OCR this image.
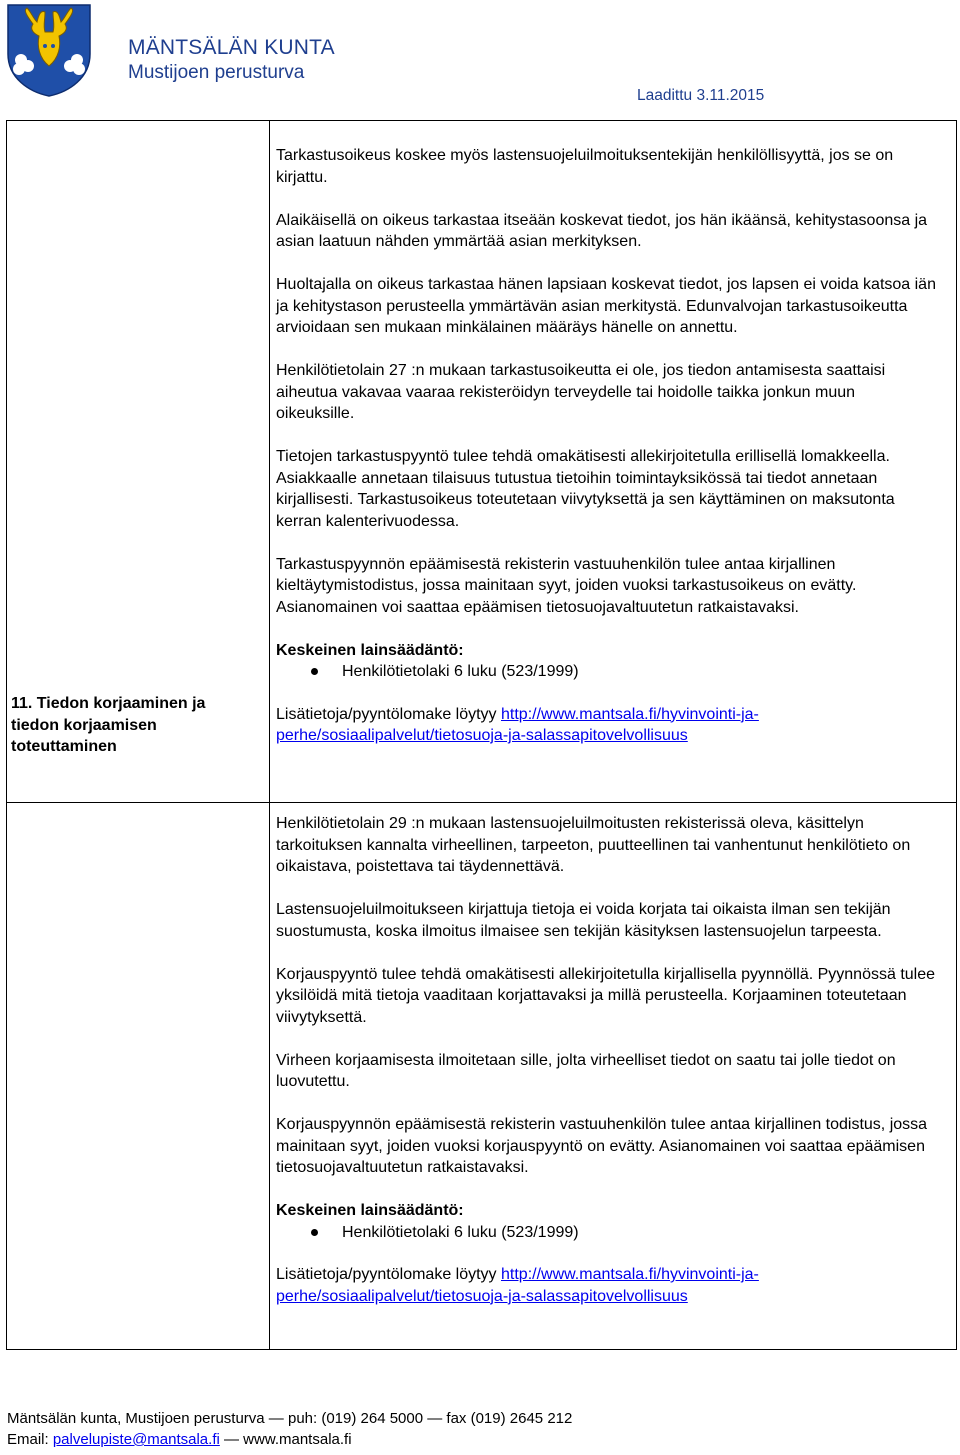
MÄNTSÄLÄN KUNTA
Mustijoen perusturva
Laadittu 3.11.2015

Tarkastusoikeus koskee myös lastensuojeluilmoituksentekijän henkilöllisyyttä, jos se on kirjattu.

Alaikäisellä on oikeus tarkastaa itseään koskevat tiedot, jos hän ikäänsä, kehitystasoonsa ja asian laatuun nähden ymmärtää asian merkityksen.

Huoltajalla on oikeus tarkastaa hänen lapsiaan koskevat tiedot, jos lapsen ei voida katsoa iän ja kehitystason perusteella ymmärtävän asian merkitystä. Edunvalvojan tarkastusoikeutta arvioidaan sen mukaan minkälainen määräys hänelle on annettu.

Henkilötietolain 27 :n mukaan tarkastusoikeutta ei ole, jos tiedon antamisesta saattaisi aiheutua vakavaa vaaraa rekisteröidyn terveydelle tai hoidolle taikka jonkun muun oikeuksille.

Tietojen tarkastuspyyntö tulee tehdä omakätisesti allekirjoitetulla erillisellä lomakkeella. Asiakkaalle annetaan tilaisuus tutustua tietoihin toimintayksikössä tai tiedot annetaan kirjallisesti. Tarkastusoikeus toteutetaan viivytyksettä ja sen käyttäminen on maksutonta kerran kalenterivuodessa.

Tarkastuspyynnön epäämisestä rekisterin vastuuhenkilön tulee antaa kirjallinen kieltäytymistodistus, jossa mainitaan syyt, joiden vuoksi tarkastusoikeus on evätty. Asianomainen voi saattaa epäämisen tietosuojavaltuutetun ratkaistavaksi.

Keskeinen lainsäädäntö:

Henkilötietolaki 6 luku (523/1999)

Lisätietoja/pyyntölomake löytyy http://www.mantsala.fi/hyvinvointi-ja-
perhe/sosiaalipalvelut/tietosuoja-ja-salassapitovelvollisuus

11. Tiedon korjaaminen ja tiedon korjaamisen toteuttaminen

Henkilötietolain 29 :n mukaan lastensuojeluilmoitusten rekisterissä oleva, käsittelyn tarkoituksen kannalta virheellinen, tarpeeton, puutteellinen tai vanhentunut henkilötieto on oikaistava, poistettava tai täydennettävä.

Lastensuojeluilmoitukseen kirjattuja tietoja ei voida korjata tai oikaista ilman sen tekijän suostumusta, koska ilmoitus ilmaisee sen tekijän käsityksen lastensuojelun tarpeesta.

Korjauspyyntö tulee tehdä omakätisesti allekirjoitetulla kirjallisella pyynnöllä. Pyynnössä tulee yksilöidä mitä tietoja vaaditaan korjattavaksi ja millä perusteella. Korjaaminen toteutetaan viivytyksettä.

Virheen korjaamisesta ilmoitetaan sille, jolta virheelliset tiedot on saatu tai jolle tiedot on luovutettu.

Korjauspyynnön epäämisestä rekisterin vastuuhenkilön tulee antaa kirjallinen todistus, jossa mainitaan syyt, joiden vuoksi korjauspyyntö on evätty. Asianomainen voi saattaa epäämisen tietosuojavaltuutetun ratkaistavaksi.

Keskeinen lainsäädäntö:

Henkilötietolaki 6 luku (523/1999)

Lisätietoja/pyyntölomake löytyy http://www.mantsala.fi/hyvinvointi-ja-
perhe/sosiaalipalvelut/tietosuoja-ja-salassapitovelvollisuus

Mäntsälän kunta, Mustijoen perusturva — puh: (019) 264 5000 — fax (019) 2645 212
Email: palvelupiste@mantsala.fi — www.mantsala.fi
